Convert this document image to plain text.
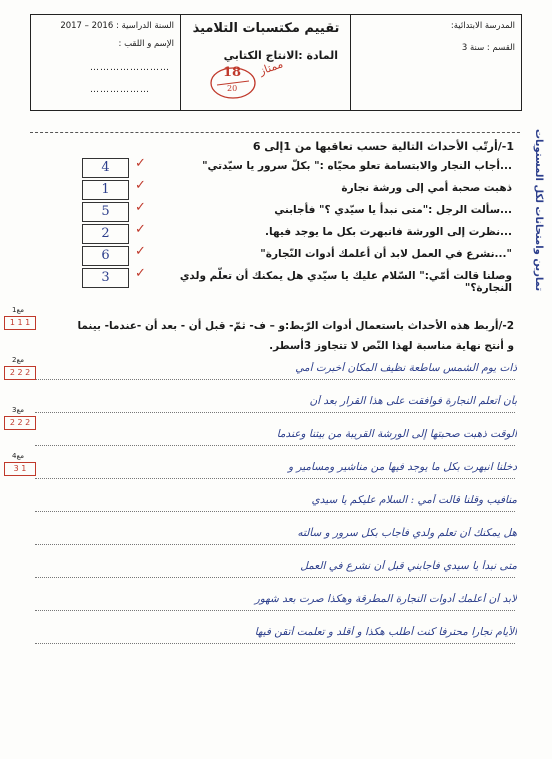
السنة الدراسية : 2016 – 2017
الإسم و اللقب :
……………………
………………
تقييم مكتسبات التلاميذ
المادة :الانتاج الكتابي
18
20
ممتاز
المدرسة الابتدائية:
القسم : سنة 3
تمارين وامتحانات لكل المستويات
1-/أرتّب الأحداث التالية حسب تعاقبها من 1إلى 6
...أجاب النجار والابتسامة تعلو محيّاه :" بكلّ سرور يا سيّدتي"
4	✓
ذهبت صحبة أمي إلى ورشة نجارة
1	✓
...سألت الرجل :"متى نبدأ يا سيّدي ؟" فأجابني
5	✓
...نظرت إلى الورشة فانبهرت بكل ما يوجد فيها.
2	✓
"...نشرع في العمل لابد أن أعلمك أدوات النّجارة"
6	✓
وصلنا قالت أمّي:" السّلام عليك يا سيّدي هل يمكنك أن تعلّم ولدي النجارة؟"
3	✓
2-/أربط هذه الأحداث باستعمال أدوات الرّبط:و – ف- ثمّ- قبل أن - بعد أن -عندما- بينما
و أنتج نهاية مناسبة لهذا النّص لا تتجاوز 3أسطر.
ذات يوم الشمس ساطعة نظيف المكان أخبرت أمي
بأن أتعلم النجارة فوافقت على هذا القرار بعد أن
الوقت ذهبت صحبتها إلى الورشة القريبة من بيتنا وعندما
دخلنا انبهرت بكل ما يوجد فيها من مناشير ومسامير و
منافيب وقلنا قالت أمي : السلام عليكم يا سيدي
هل يمكنك أن تعلم ولدي فأجاب بكل سرور و سألته
متى نبدأ يا سيدي فأجابني قبل أن نشرع في العمل
لابد أن أعلمك أدوات النجارة المطرقة وهكذا صرت بعد شهور
الأيام نجارا محترفا كنت أطلب هكذا و أقلد و تعلمت أتقن فيها
مع1
1 1 1
مع2
2 2 2
مع3
2 2 2
مع4
3 1
